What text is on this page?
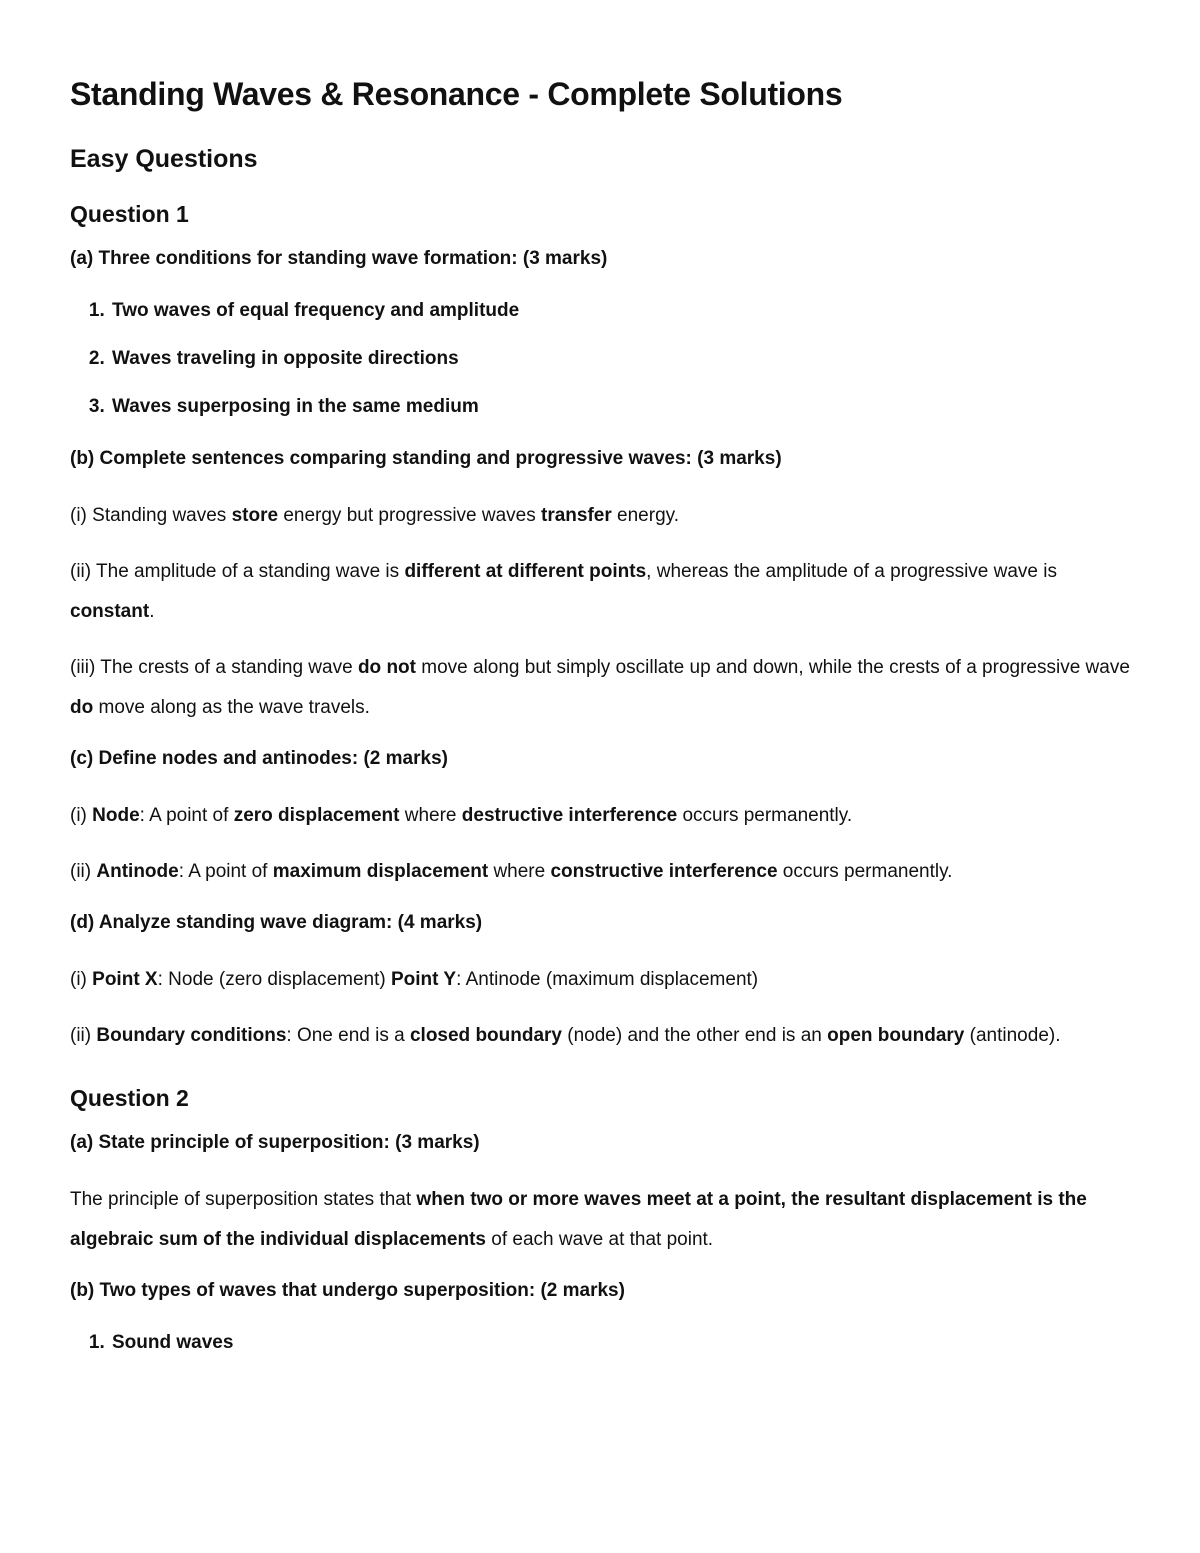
Standing Waves & Resonance - Complete Solutions
Easy Questions
Question 1
(a) Three conditions for standing wave formation: (3 marks)
1. Two waves of equal frequency and amplitude
2. Waves traveling in opposite directions
3. Waves superposing in the same medium
(b) Complete sentences comparing standing and progressive waves: (3 marks)

(i) Standing waves store energy but progressive waves transfer energy.

(ii) The amplitude of a standing wave is different at different points, whereas the amplitude of a progressive wave is constant.

(iii) The crests of a standing wave do not move along but simply oscillate up and down, while the crests of a progressive wave do move along as the wave travels.

(c) Define nodes and antinodes: (2 marks)

(i) Node: A point of zero displacement where destructive interference occurs permanently.

(ii) Antinode: A point of maximum displacement where constructive interference occurs permanently.

(d) Analyze standing wave diagram: (4 marks)

(i) Point X: Node (zero displacement) Point Y: Antinode (maximum displacement)

(ii) Boundary conditions: One end is a closed boundary (node) and the other end is an open boundary (antinode).

Question 2
(a) State principle of superposition: (3 marks)

The principle of superposition states that when two or more waves meet at a point, the resultant displacement is the algebraic sum of the individual displacements of each wave at that point.

(b) Two types of waves that undergo superposition: (2 marks)
1. Sound waves
